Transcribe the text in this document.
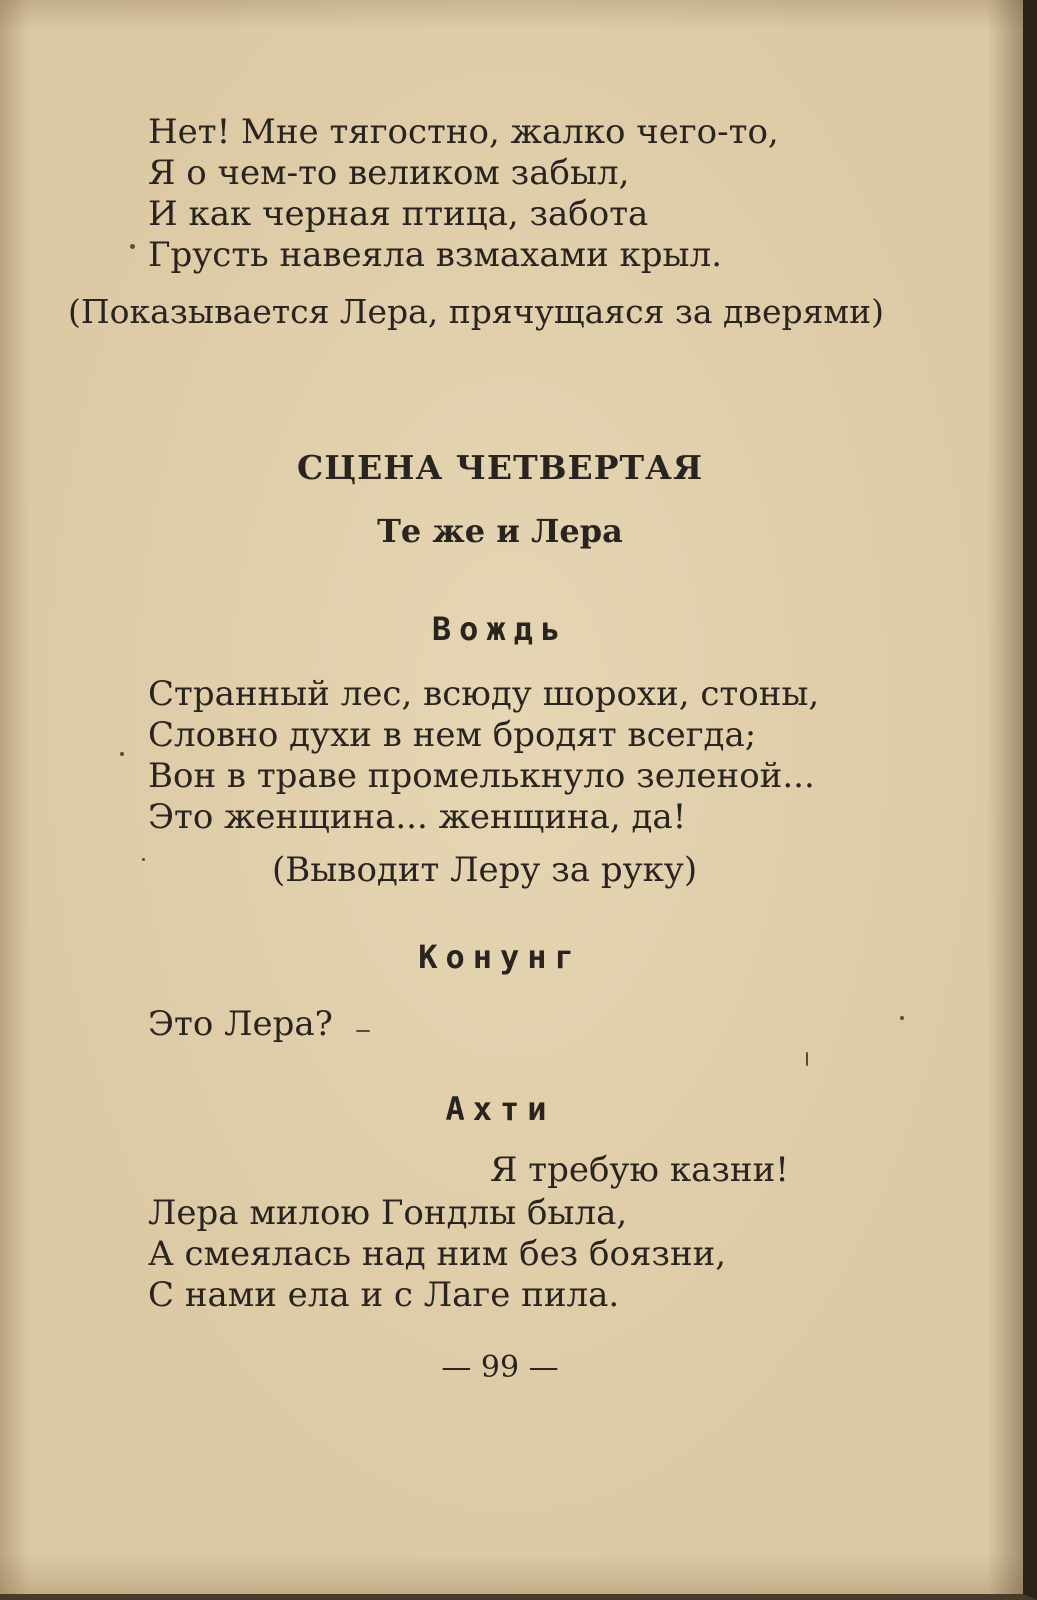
Нет! Мне тягостно, жалко чего-то,
Я о чем-то великом забыл,
И как черная птица, забота
Грусть навеяла взмахами крыл.
(Показывается Лера, прячущаяся за дверями)
СЦЕНА ЧЕТВЕРТАЯ
Те же и Лера
Вождь
Странный лес, всюду шорохи, стоны,
Словно духи в нем бродят всегда;
Вон в траве промелькнуло зеленой...
Это женщина... женщина, да!
(Выводит Леру за руку)
Конунг
Это Лера?
Ахти
Я требую казни!
Лера милою Гондлы была,
А смеялась над ним без боязни,
С нами ела и с Лаге пила.
— 99 —
